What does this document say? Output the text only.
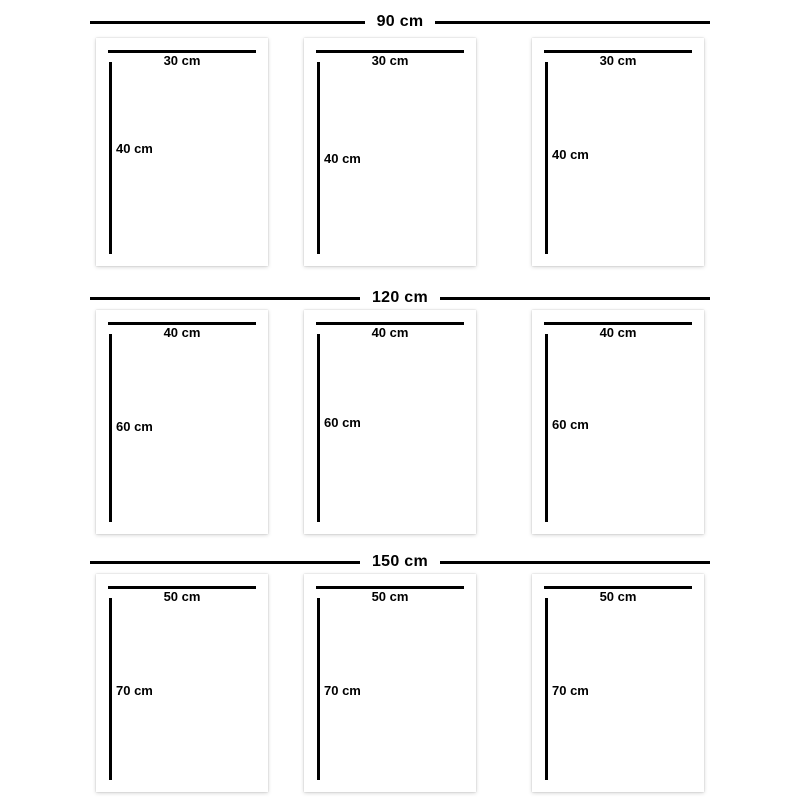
90 cm
30 cm
40 cm
30 cm
40 cm
30 cm
40 cm
120 cm
40 cm
60 cm
40 cm
60 cm
40 cm
60 cm
150 cm
50 cm
70 cm
50 cm
70 cm
50 cm
70 cm
